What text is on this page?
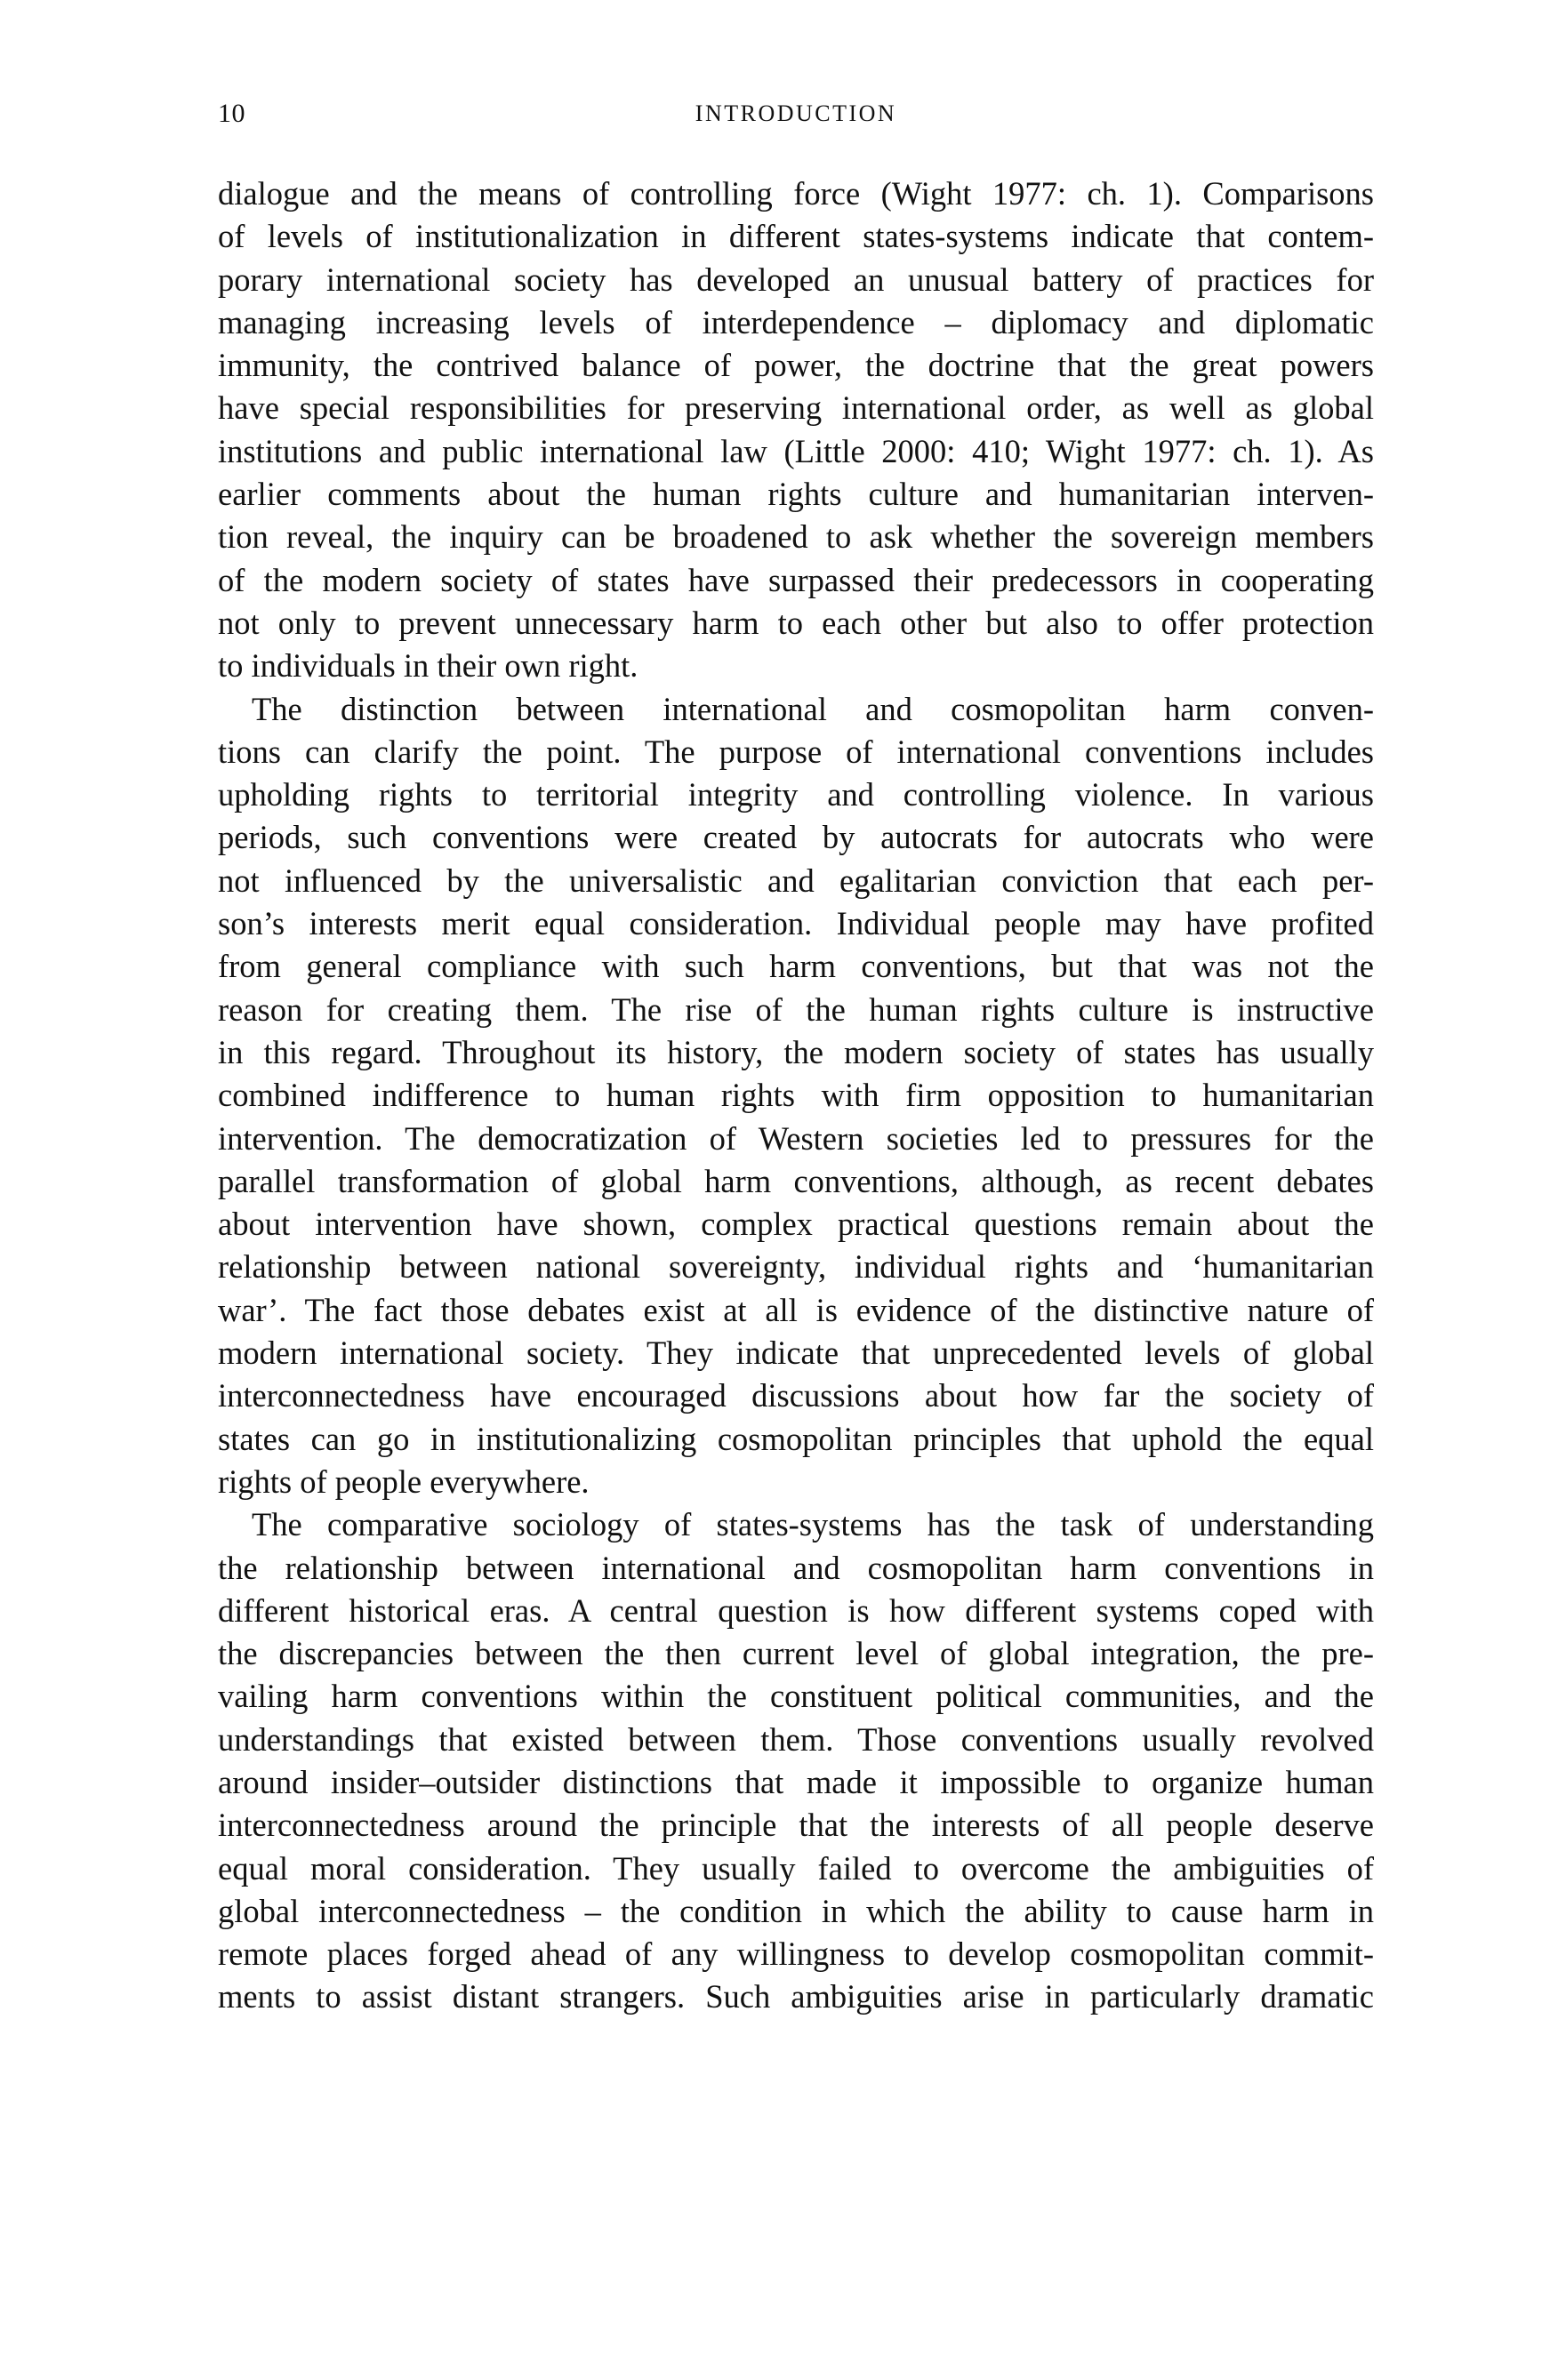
10	INTRODUCTION
dialogue and the means of controlling force (Wight 1977: ch. 1). Comparisons
of levels of institutionalization in different states-systems indicate that contem-
porary international society has developed an unusual battery of practices for
managing increasing levels of interdependence – diplomacy and diplomatic
immunity, the contrived balance of power, the doctrine that the great powers
have special responsibilities for preserving international order, as well as global
institutions and public international law (Little 2000: 410; Wight 1977: ch. 1). As
earlier comments about the human rights culture and humanitarian interven-
tion reveal, the inquiry can be broadened to ask whether the sovereign members
of the modern society of states have surpassed their predecessors in cooperating
not only to prevent unnecessary harm to each other but also to offer protection
to individuals in their own right.
The distinction between international and cosmopolitan harm conven-
tions can clarify the point. The purpose of international conventions includes
upholding rights to territorial integrity and controlling violence. In various
periods, such conventions were created by autocrats for autocrats who were
not influenced by the universalistic and egalitarian conviction that each per-
son’s interests merit equal consideration. Individual people may have profited
from general compliance with such harm conventions, but that was not the
reason for creating them. The rise of the human rights culture is instructive
in this regard. Throughout its history, the modern society of states has usually
combined indifference to human rights with firm opposition to humanitarian
intervention. The democratization of Western societies led to pressures for the
parallel transformation of global harm conventions, although, as recent debates
about intervention have shown, complex practical questions remain about the
relationship between national sovereignty, individual rights and ‘humanitarian
war’. The fact those debates exist at all is evidence of the distinctive nature of
modern international society. They indicate that unprecedented levels of global
interconnectedness have encouraged discussions about how far the society of
states can go in institutionalizing cosmopolitan principles that uphold the equal
rights of people everywhere.
The comparative sociology of states-systems has the task of understanding
the relationship between international and cosmopolitan harm conventions in
different historical eras. A central question is how different systems coped with
the discrepancies between the then current level of global integration, the pre-
vailing harm conventions within the constituent political communities, and the
understandings that existed between them. Those conventions usually revolved
around insider–outsider distinctions that made it impossible to organize human
interconnectedness around the principle that the interests of all people deserve
equal moral consideration. They usually failed to overcome the ambiguities of
global interconnectedness – the condition in which the ability to cause harm in
remote places forged ahead of any willingness to develop cosmopolitan commit-
ments to assist distant strangers. Such ambiguities arise in particularly dramatic
